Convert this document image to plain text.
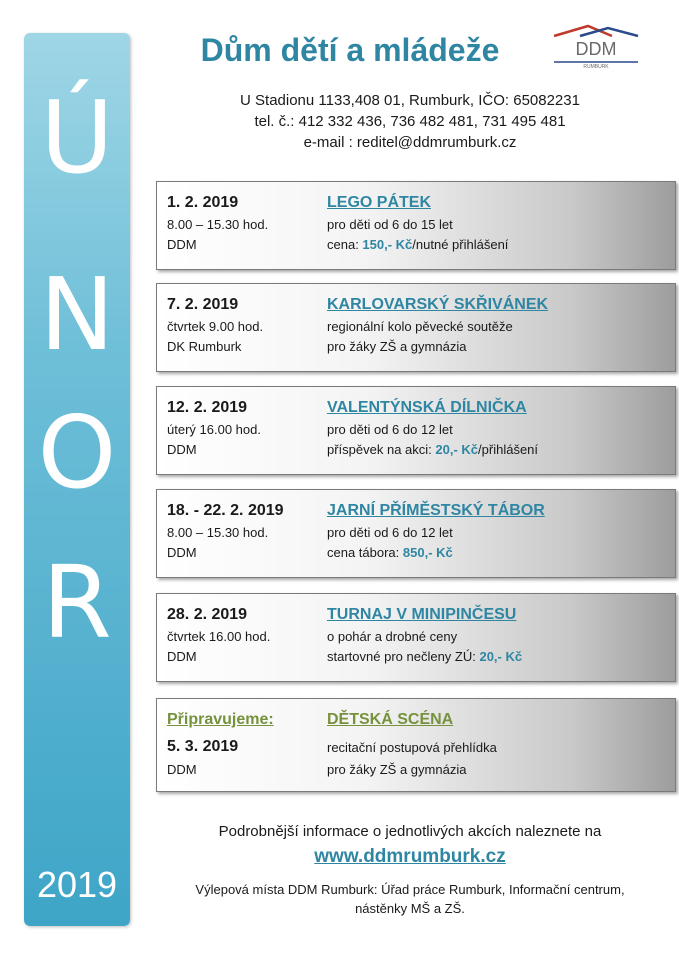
Ú
N
O
R
2019
Dům dětí a mládeže	DDM
RUMBURK
U Stadionu 1133,408 01, Rumburk, IČO: 65082231
tel. č.: 412 332 436, 736 482 481, 731 495 481
e-mail : reditel@ddmrumburk.cz
1. 2. 2019
8.00 – 15.30 hod.
DDM
LEGO PÁTEK
pro děti od 6 do 15 let
cena: 150,- Kč/nutné přihlášení
7. 2. 2019
čtvrtek 9.00 hod.
DK Rumburk
KARLOVARSKÝ SKŘIVÁNEK
regionální kolo pěvecké soutěže
pro žáky ZŠ a gymnázia
12. 2. 2019
úterý 16.00 hod.
DDM
VALENTÝNSKÁ DÍLNIČKA
pro děti od 6 do 12 let
příspěvek na akci: 20,- Kč/přihlášení
18. - 22. 2. 2019
8.00 – 15.30 hod.
DDM
JARNÍ PŘÍMĚSTSKÝ TÁBOR
pro děti od 6 do 12 let
cena tábora: 850,- Kč
28. 2. 2019
čtvrtek 16.00 hod.
DDM
TURNAJ V MINIPINČESU
o pohár a drobné ceny
startovné pro nečleny ZÚ: 20,- Kč
Připravujeme:
5. 3. 2019
DDM
DĚTSKÁ SCÉNA
recitační postupová přehlídka
pro žáky ZŠ a gymnázia
Podrobnější informace o jednotlivých akcích naleznete na
www.ddmrumburk.cz
Výlepová místa DDM Rumburk: Úřad práce Rumburk, Informační centrum,
nástěnky MŠ a ZŠ.
